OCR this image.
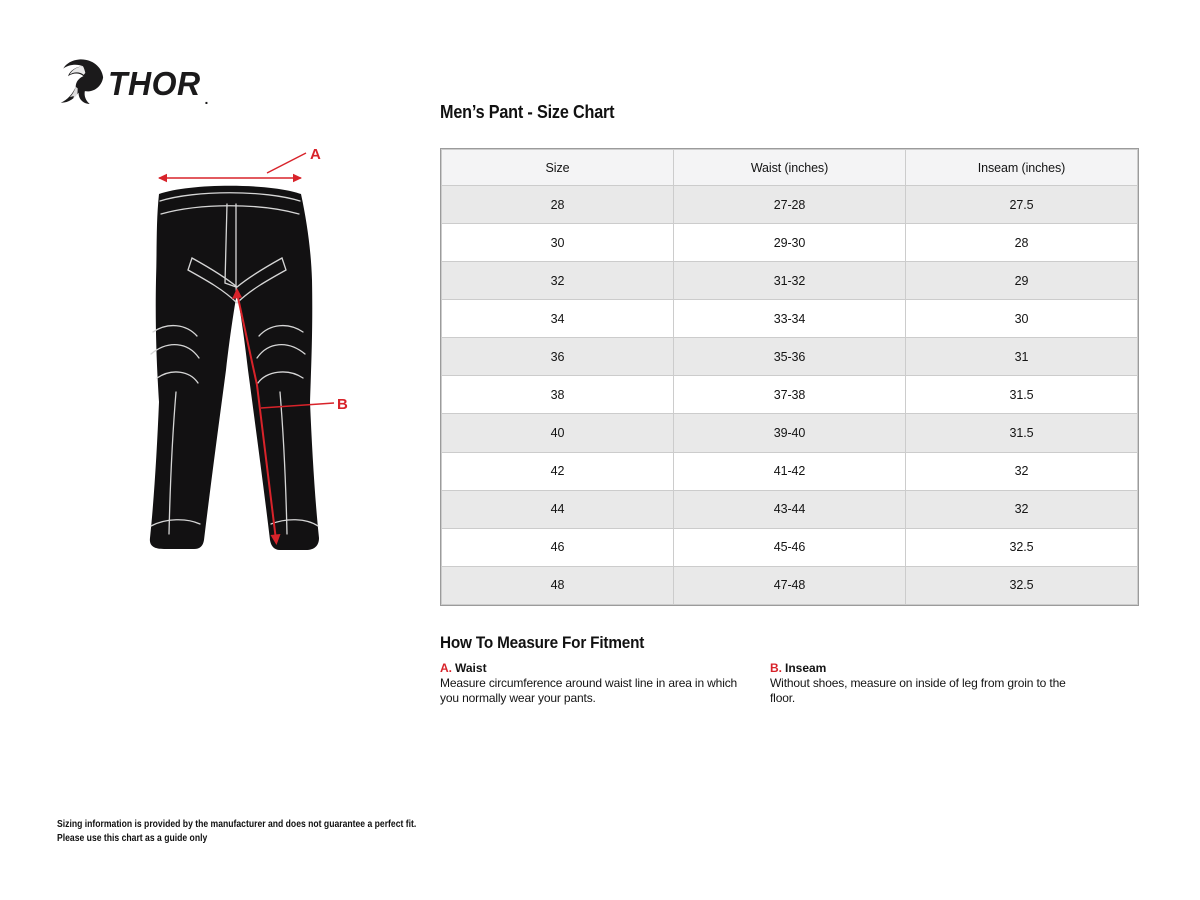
THOR .
A
B
Men’s Pant - Size Chart
Size	Waist (inches)	Inseam (inches)
28	27-28	27.5
30	29-30	28
32	31-32	29
34	33-34	30
36	35-36	31
38	37-38	31.5
40	39-40	31.5
42	41-42	32
44	43-44	32
46	45-46	32.5
48	47-48	32.5
How To Measure For Fitment
A. Waist
Measure circumference around waist line in area in which you normally wear your pants.
B. Inseam
Without shoes, measure on inside of leg from groin to the floor.
Sizing information is provided by the manufacturer and does not guarantee a perfect fit.
Please use this chart as a guide only
